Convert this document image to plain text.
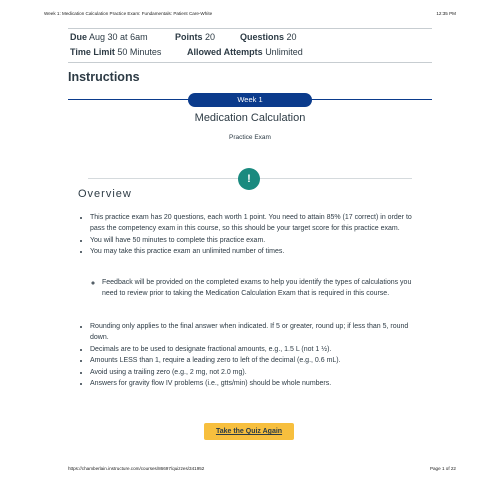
Week 1: Medication Calculation Practice Exam: Fundamentals: Patient Care-White	12:35 PM
Due Aug 30 at 6am	Points 20	Questions 20
Time Limit 50 Minutes	Allowed Attempts Unlimited
Instructions
Week 1
Medication Calculation
Practice Exam
!
Overview
• This practice exam has 20 questions, each worth 1 point. You need to attain 85% (17 correct) in order to pass the competency exam in this course, so this should be your target score for this practice exam.
• You will have 50 minutes to complete this practice exam.
• You may take this practice exam an unlimited number of times.
◦ Feedback will be provided on the completed exams to help you identify the types of calculations you need to review prior to taking the Medication Calculation Exam that is required in this course.
• Rounding only applies to the final answer when indicated. If 5 or greater, round up; if less than 5, round down.
• Decimals are to be used to designate fractional amounts, e.g., 1.5 L (not 1 ½).
• Amounts LESS than 1, require a leading zero to left of the decimal (e.g., 0.6 mL).
• Avoid using a trailing zero (e.g., 2 mg, not 2.0 mg).
• Answers for gravity flow IV problems (i.e., gtts/min) should be whole numbers.
Take the Quiz Again
https://chamberlain.instructure.com/courses/86697/quizzes/341952	Page 1 of 22
